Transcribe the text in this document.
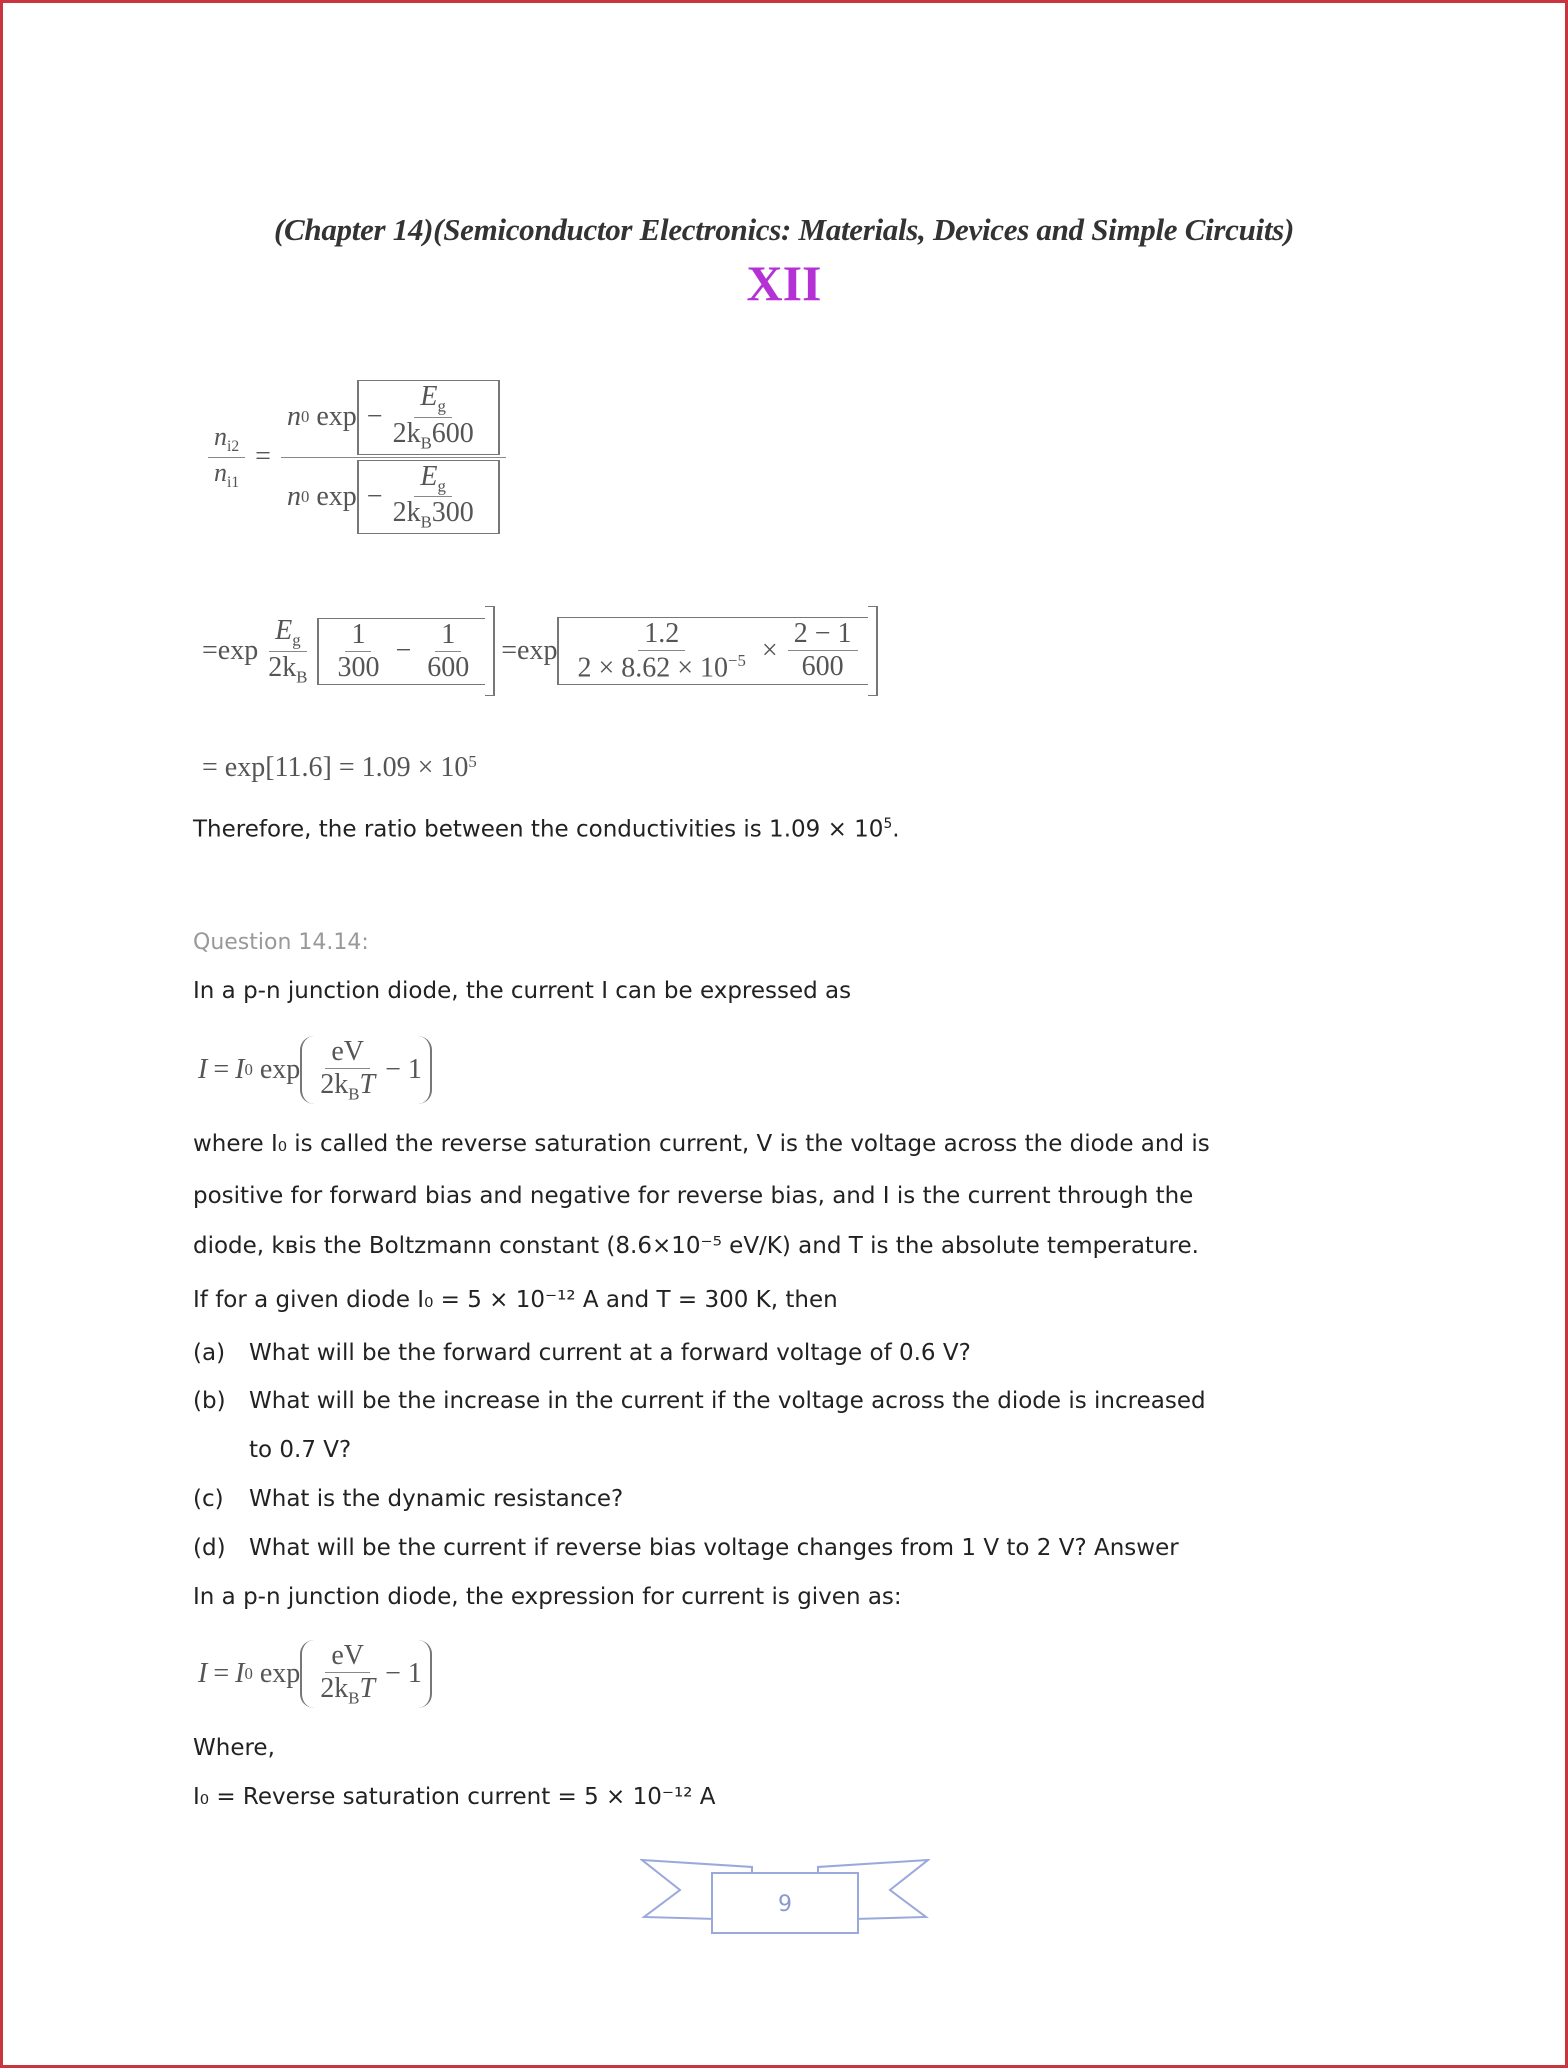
(Chapter 14)(Semiconductor Electronics: Materials, Devices and Simple Circuits)
XII
$\frac{n_{i2}}{n_{i1}} = n$ 0
$\exp - \frac{E_g}{2k_B600}$
n 0
$\exp - \frac{E_g}{2k_B300}$
= $\exp \frac{E_g}{2k_B} \frac{1}{300} - \frac{1}{600} = \exp \frac{1.2}{2 \times 8.62 \times 10^{-5}} \times \frac{2 - 1}{600}$
= $\exp[11.6] = 1.09 \times 10^5$
Therefore, the ratio between the conductivities is $1.09 \times 10^5$.
Question 14.14:
In a p-n junction diode, the current I can be expressed as
I = I 0
$\exp \frac{eV}{2k_BT} - 1$
where I₀ is called the reverse saturation current, V is the voltage across the diode and is
positive for forward bias and negative for reverse bias, and I is the current through the
diode, kʙis the Boltzmann constant (8.6×10⁻⁵ eV/K) and T is the absolute temperature.
If for a given diode I₀ = 5 × 10⁻¹² A and T = 300 K, then
(a) What will be the forward current at a forward voltage of 0.6 V?
(b) What will be the increase in the current if the voltage across the diode is increased
to 0.7 V?
(c) What is the dynamic resistance?
(d) What will be the current if reverse bias voltage changes from 1 V to 2 V? Answer
In a p-n junction diode, the expression for current is given as:
I = I 0
$\exp \frac{eV}{2k_BT} - 1$
Where,
I₀ = Reverse saturation current = 5 × 10⁻¹² A
9
